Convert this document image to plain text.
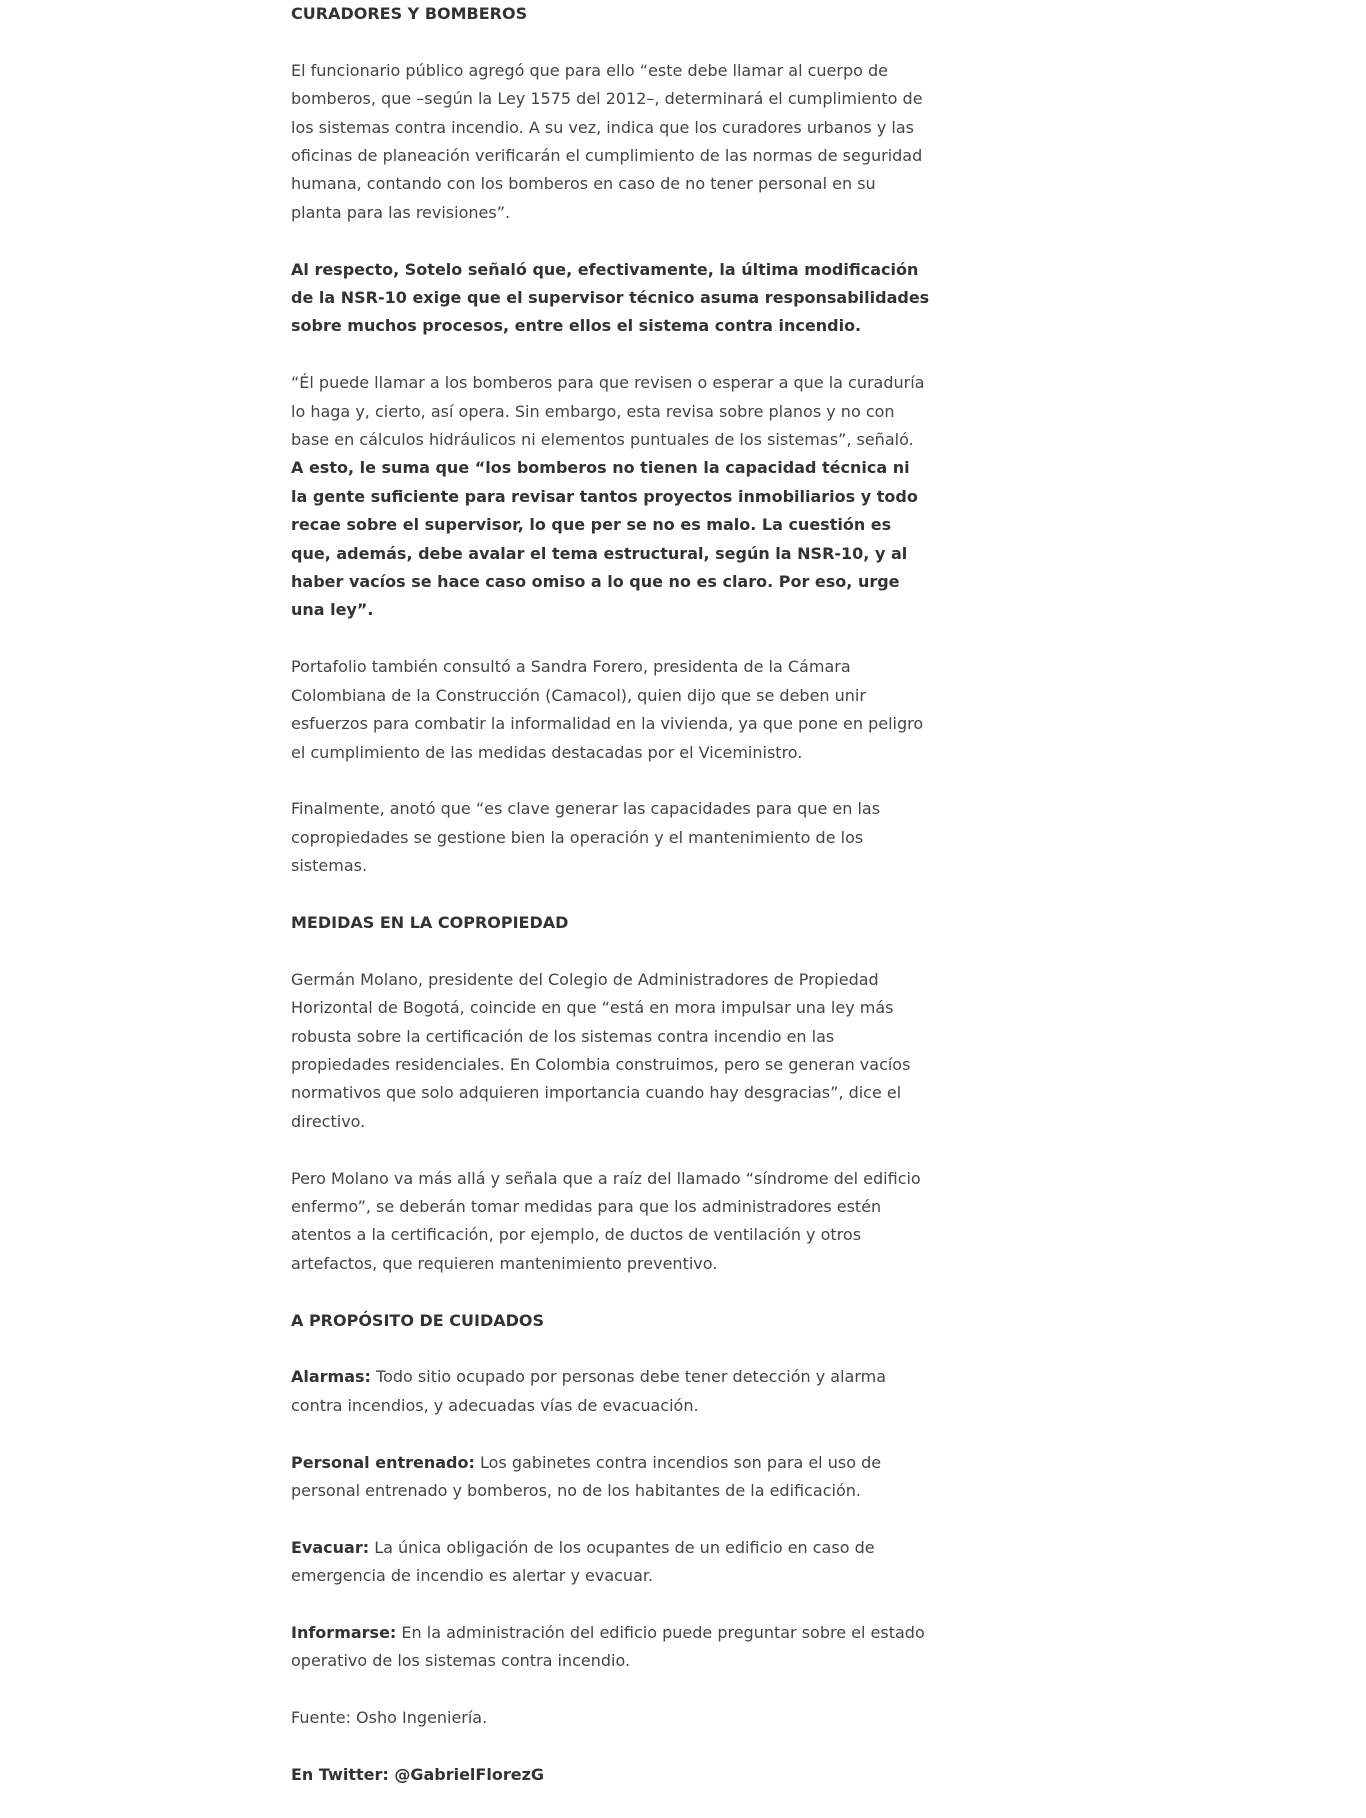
CURADORES Y BOMBEROS

El funcionario público agregó que para ello “este debe llamar al cuerpo de bomberos, que –según la Ley 1575 del 2012–, determinará el cumplimiento de los sistemas contra incendio. A su vez, indica que los curadores urbanos y las oficinas de planeación verificarán el cumplimiento de las normas de seguridad humana, contando con los bomberos en caso de no tener personal en su planta para las revisiones”.

Al respecto, Sotelo señaló que, efectivamente, la última modificación de la NSR-10 exige que el supervisor técnico asuma responsabilidades sobre muchos procesos, entre ellos el sistema contra incendio.

“Él puede llamar a los bomberos para que revisen o esperar a que la curaduría lo haga y, cierto, así opera. Sin embargo, esta revisa sobre planos y no con base en cálculos hidráulicos ni elementos puntuales de los sistemas”, señaló. A esto, le suma que “los bomberos no tienen la capacidad técnica ni la gente suficiente para revisar tantos proyectos inmobiliarios y todo recae sobre el supervisor, lo que per se no es malo. La cuestión es que, además, debe avalar el tema estructural, según la NSR-10, y al haber vacíos se hace caso omiso a lo que no es claro. Por eso, urge una ley”.

Portafolio también consultó a Sandra Forero, presidenta de la Cámara Colombiana de la Construcción (Camacol), quien dijo que se deben unir esfuerzos para combatir la informalidad en la vivienda, ya que pone en peligro el cumplimiento de las medidas destacadas por el Viceministro.

Finalmente, anotó que “es clave generar las capacidades para que en las copropiedades se gestione bien la operación y el mantenimiento de los sistemas.

MEDIDAS EN LA COPROPIEDAD

Germán Molano, presidente del Colegio de Administradores de Propiedad Horizontal de Bogotá, coincide en que “está en mora impulsar una ley más robusta sobre la certificación de los sistemas contra incendio en las propiedades residenciales. En Colombia construimos, pero se generan vacíos normativos que solo adquieren importancia cuando hay desgracias”, dice el directivo.

Pero Molano va más allá y señala que a raíz del llamado “síndrome del edificio enfermo”, se deberán tomar medidas para que los administradores estén atentos a la certificación, por ejemplo, de ductos de ventilación y otros artefactos, que requieren mantenimiento preventivo.

A PROPÓSITO DE CUIDADOS

Alarmas: Todo sitio ocupado por personas debe tener detección y alarma contra incendios, y adecuadas vías de evacuación.

Personal entrenado: Los gabinetes contra incendios son para el uso de personal entrenado y bomberos, no de los habitantes de la edificación.

Evacuar: La única obligación de los ocupantes de un edificio en caso de emergencia de incendio es alertar y evacuar.

Informarse: En la administración del edificio puede preguntar sobre el estado operativo de los sistemas contra incendio.

Fuente: Osho Ingeniería.

En Twitter: @GabrielFlorezG
